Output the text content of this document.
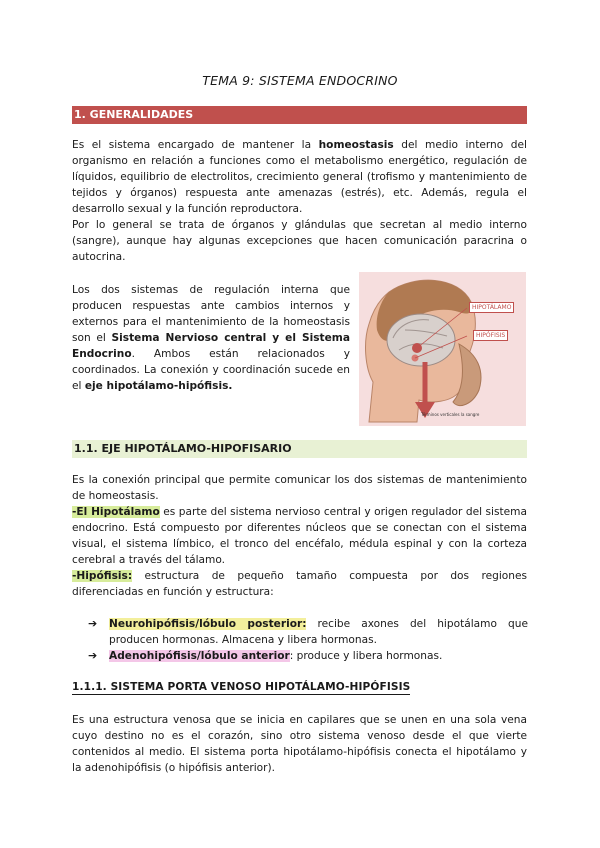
TEMA 9: SISTEMA ENDOCRINO
1. GENERALIDADES
Es el sistema encargado de mantener la homeostasis del medio interno del
organismo en relación a funciones como el metabolismo energético, regulación de
líquidos, equilibrio de electrolitos, crecimiento general (trofismo y mantenimiento de
tejidos y órganos) respuesta ante amenazas (estrés), etc. Además, regula el
desarrollo sexual y la función reproductora.
Por lo general se trata de órganos y glándulas que secretan al medio interno
(sangre), aunque hay algunas excepciones que hacen comunicación paracrina o
autocrina.
Los dos sistemas de regulación interna que
producen respuestas ante cambios internos y
externos para el mantenimiento de la homeostasis
son el Sistema Nervioso central y el Sistema
Endocrino. Ambos están relacionados y
coordinados. La conexión y coordinación sucede en
el eje hipotálamo-hipófisis.
HIPOTÁLAMO
HIPÓFISIS
Términos verticales la sangre
1.1. EJE HIPOTÁLAMO-HIPOFISARIO
Es la conexión principal que permite comunicar los dos sistemas de mantenimiento
de homeostasis.
-El Hipotálamo es parte del sistema nervioso central y origen regulador del sistema
endocrino. Está compuesto por diferentes núcleos que se conectan con el sistema
visual, el sistema límbico, el tronco del encéfalo, médula espinal y con la corteza
cerebral a través del tálamo.
-Hipófisis: estructura de pequeño tamaño compuesta por dos regiones
diferenciadas en función y estructura:
➔ Neurohipófisis/lóbulo posterior: recibe axones del hipotálamo que
producen hormonas. Almacena y libera hormonas.
➔ Adenohipófisis/lóbulo anterior: produce y libera hormonas.
1.1.1. SISTEMA PORTA VENOSO HIPOTÁLAMO-HIPÓFISIS
Es una estructura venosa que se inicia en capilares que se unen en una sola vena
cuyo destino no es el corazón, sino otro sistema venoso desde el que vierte
contenidos al medio. El sistema porta hipotálamo-hipófisis conecta el hipotálamo y
la adenohipófisis (o hipófisis anterior).
